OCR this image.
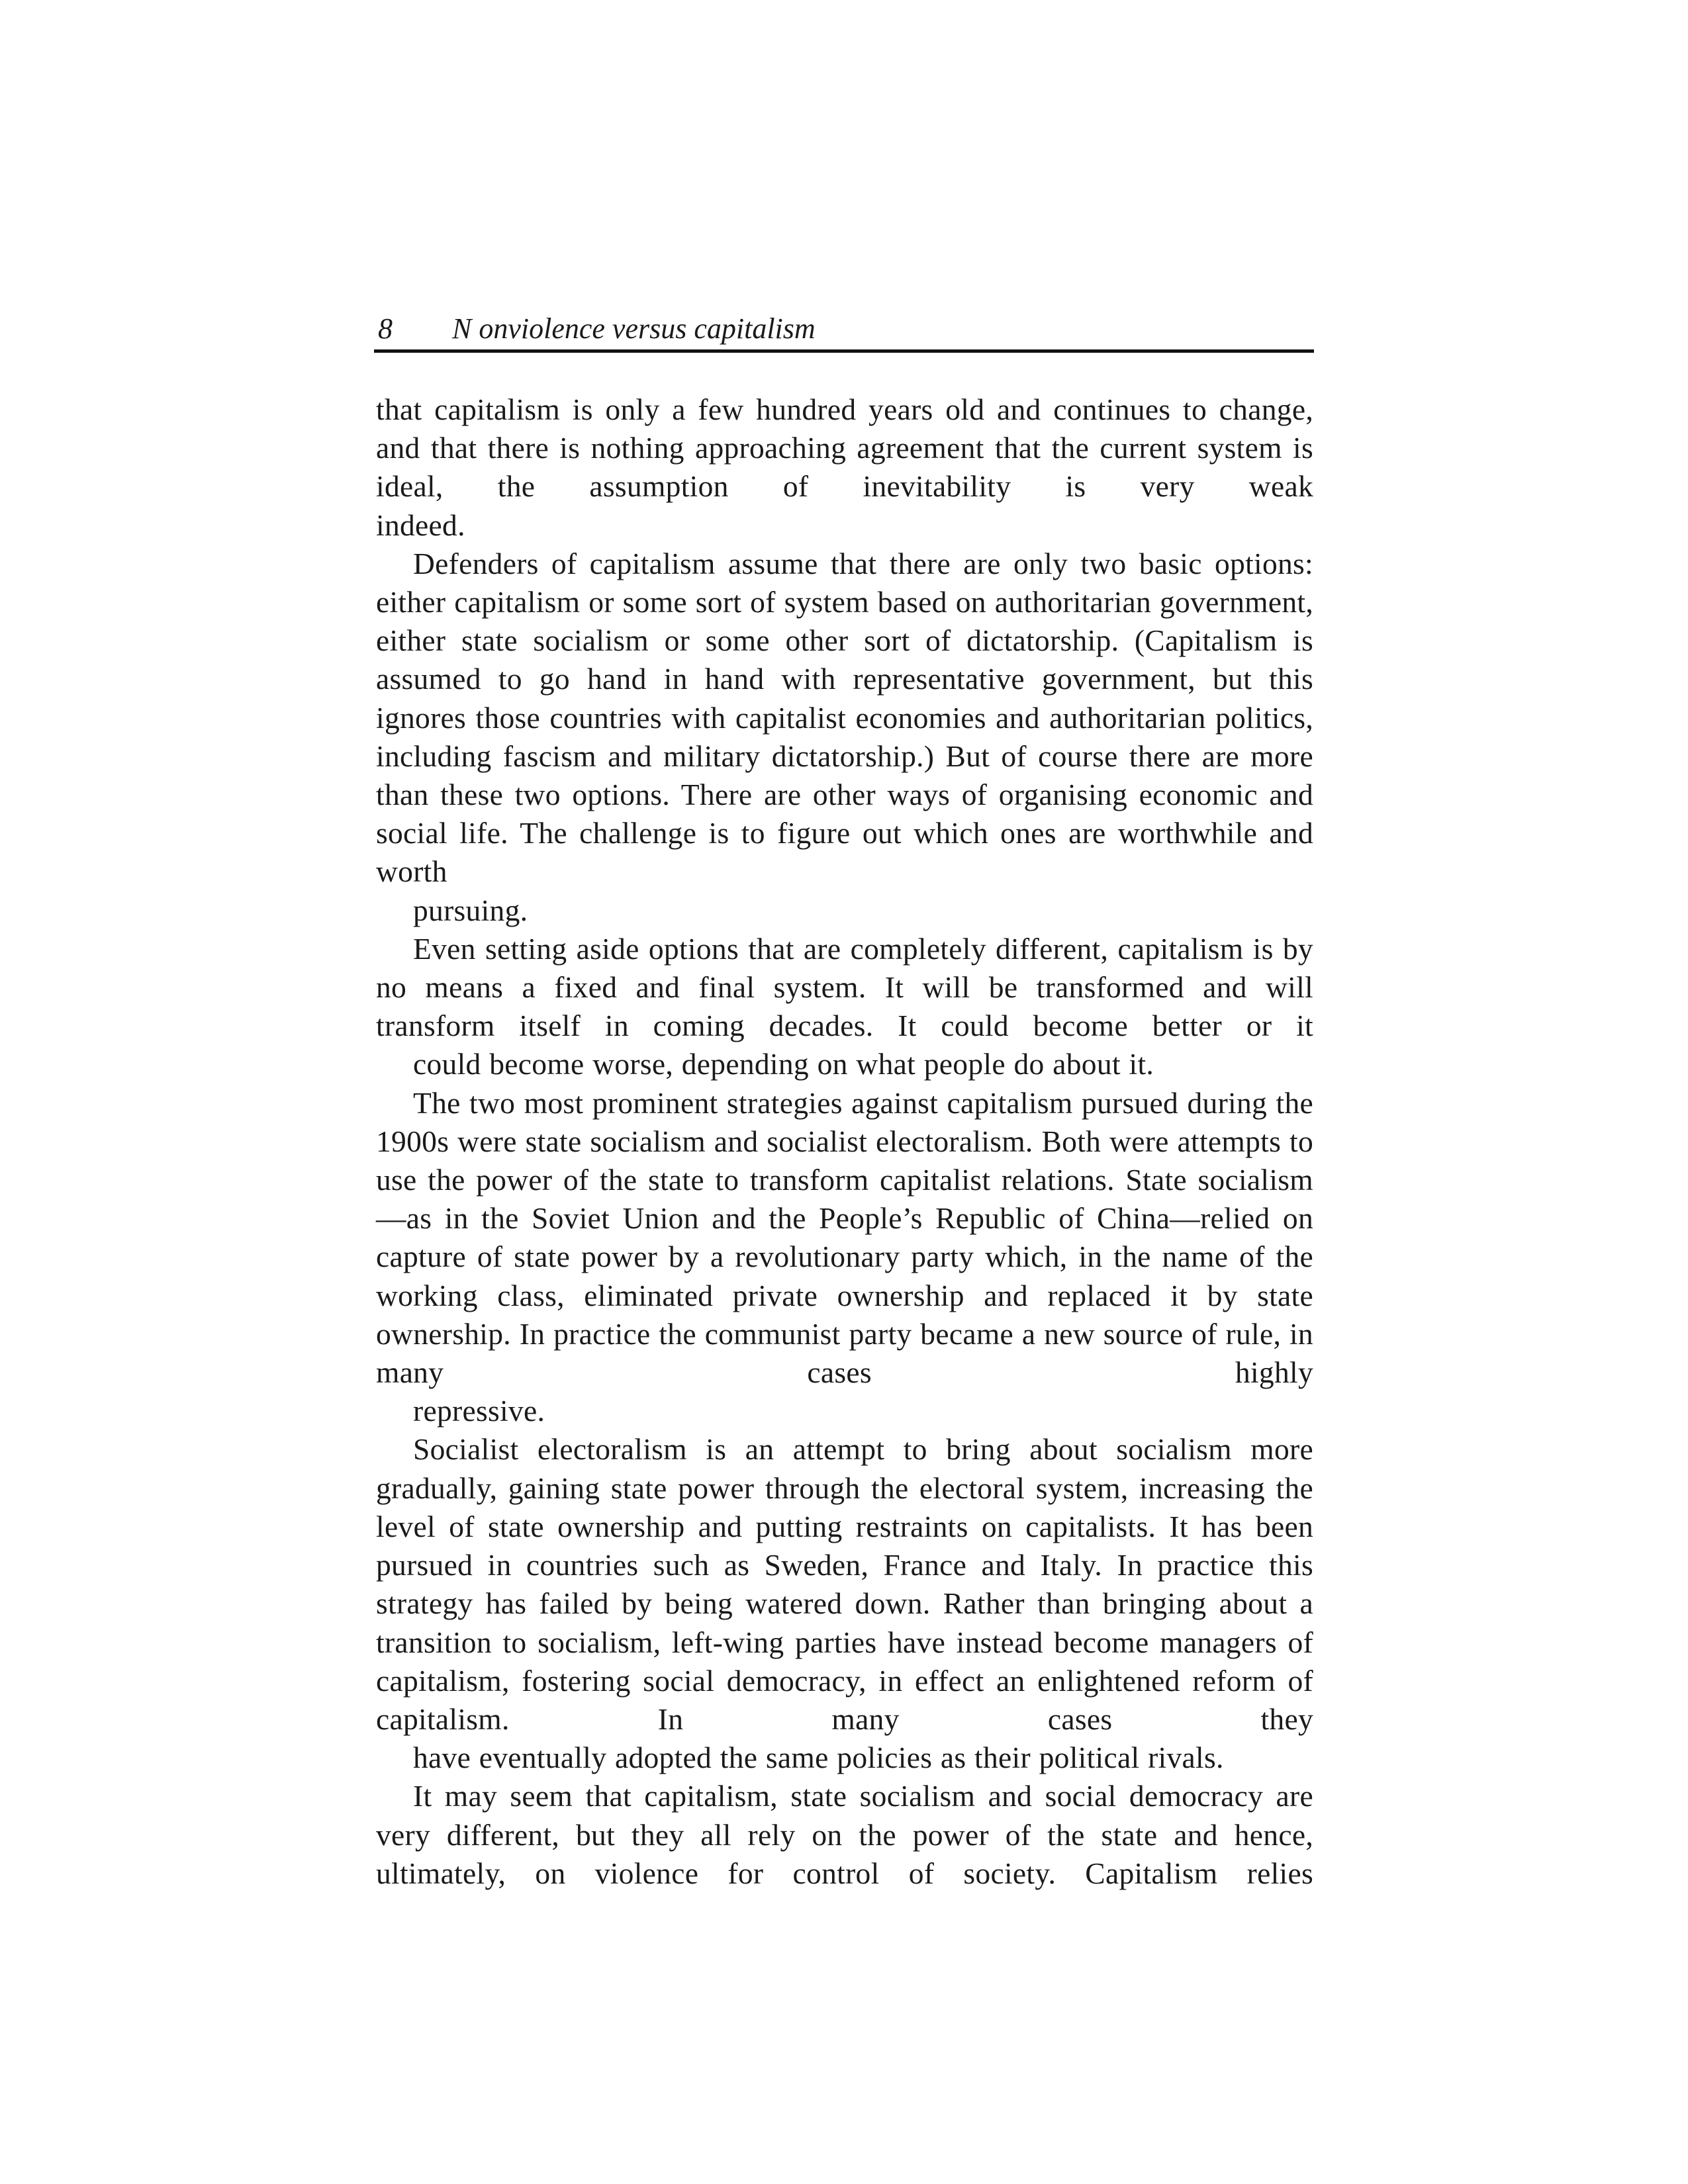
8 N onviolence versus capitalism

that capitalism is only a few hundred years old and continues to change, and that there is nothing approaching agreement that the current system is ideal, the assumption of inevitability is very weak
indeed.

Defenders of capitalism assume that there are only two basic options: either capitalism or some sort of system based on authoritarian government, either state socialism or some other sort of dictatorship. (Capitalism is assumed to go hand in hand with representative government, but this ignores those countries with capitalist economies and authoritarian politics, including fascism and military dictatorship.) But of course there are more than these two options. There are other ways of organising economic and social life. The challenge is to figure out which ones are worthwhile and worth
pursuing.

Even setting aside options that are completely different, capitalism is by no means a fixed and final system. It will be transformed and will transform itself in coming decades. It could become better or it
could become worse, depending on what people do about it.

The two most prominent strategies against capitalism pursued during the 1900s were state socialism and socialist electoralism. Both were attempts to use the power of the state to transform capitalist relations. State socialism—as in the Soviet Union and the People’s Republic of China—relied on capture of state power by a revolutionary party which, in the name of the working class, eliminated private ownership and replaced it by state ownership. In practice the communist party became a new source of rule, in many cases highly
repressive.

Socialist electoralism is an attempt to bring about socialism more gradually, gaining state power through the electoral system, increasing the level of state ownership and putting restraints on capitalists. It has been pursued in countries such as Sweden, France and Italy. In practice this strategy has failed by being watered down. Rather than bringing about a transition to socialism, left-wing parties have instead become managers of capitalism, fostering social democracy, in effect an enlightened reform of capitalism. In many cases they
have eventually adopted the same policies as their political rivals.

It may seem that capitalism, state socialism and social democracy are very different, but they all rely on the power of the state and hence, ultimately, on violence for control of society. Capitalism relies
